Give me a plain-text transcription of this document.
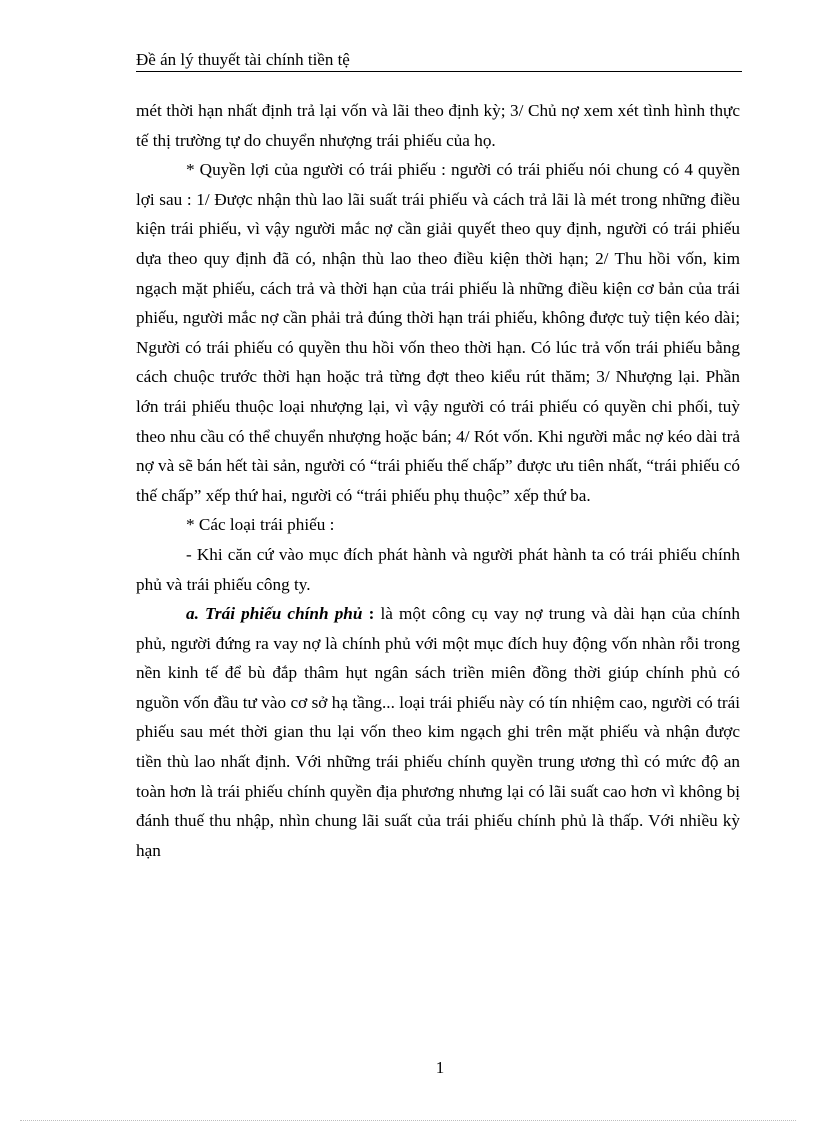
Đề án lý thuyết tài chính tiền tệ

mét thời hạn nhất định trả lại vốn và lãi theo định kỳ; 3/ Chủ nợ xem xét tình hình thực tế thị trường tự do chuyển nhượng trái phiếu của họ.

* Quyền lợi của người có trái phiếu : người có trái phiếu nói chung có 4 quyền lợi sau : 1/ Được nhận thù lao lãi suất trái phiếu và cách trả lãi là mét trong những điều kiện trái phiếu, vì vậy người mắc nợ cần giải quyết theo quy định, người có trái phiếu dựa theo quy định đã có, nhận thù lao theo điều kiện thời hạn; 2/ Thu hồi vốn, kim ngạch mặt phiếu, cách trả và thời hạn của trái phiếu là những điều kiện cơ bản của trái phiếu, người mắc nợ cần phải trả đúng thời hạn trái phiếu, không được tuỳ tiện kéo dài; Người có trái phiếu có quyền thu hồi vốn theo thời hạn. Có lúc trả vốn trái phiếu bằng cách chuộc trước thời hạn hoặc trả từng đợt theo kiểu rút thăm; 3/ Nhượng lại. Phần lớn trái phiếu thuộc loại nhượng lại, vì vậy người có trái phiếu có quyền chi phối, tuỳ theo nhu cầu có thể chuyển nhượng hoặc bán; 4/ Rót vốn. Khi người mắc nợ kéo dài trả nợ và sẽ bán hết tài sản, người có “trái phiếu thế chấp” được ưu tiên nhất, “trái phiếu có thế chấp” xếp thứ hai, người có “trái phiếu phụ thuộc” xếp thứ ba.

* Các loại trái phiếu :

- Khi căn cứ vào mục đích phát hành và người phát hành ta có trái phiếu chính phủ và trái phiếu công ty.

a. Trái phiếu chính phủ : là một công cụ vay nợ trung và dài hạn của chính phủ, người đứng ra vay nợ là chính phủ với một mục đích huy động vốn nhàn rỗi trong nền kinh tế để bù đắp thâm hụt ngân sách triền miên đồng thời giúp chính phủ có nguồn vốn đầu tư vào cơ sở hạ tầng... loại trái phiếu này có tín nhiệm cao, người có trái phiếu sau mét thời gian thu lại vốn theo kim ngạch ghi trên mặt phiếu và nhận được tiền thù lao nhất định. Với những trái phiếu chính quyền trung ương thì có mức độ an toàn hơn là trái phiếu chính quyền địa phương nhưng lại có lãi suất cao hơn vì không bị đánh thuế thu nhập, nhìn chung lãi suất của trái phiếu chính phủ là thấp. Với nhiều kỳ hạn

1
